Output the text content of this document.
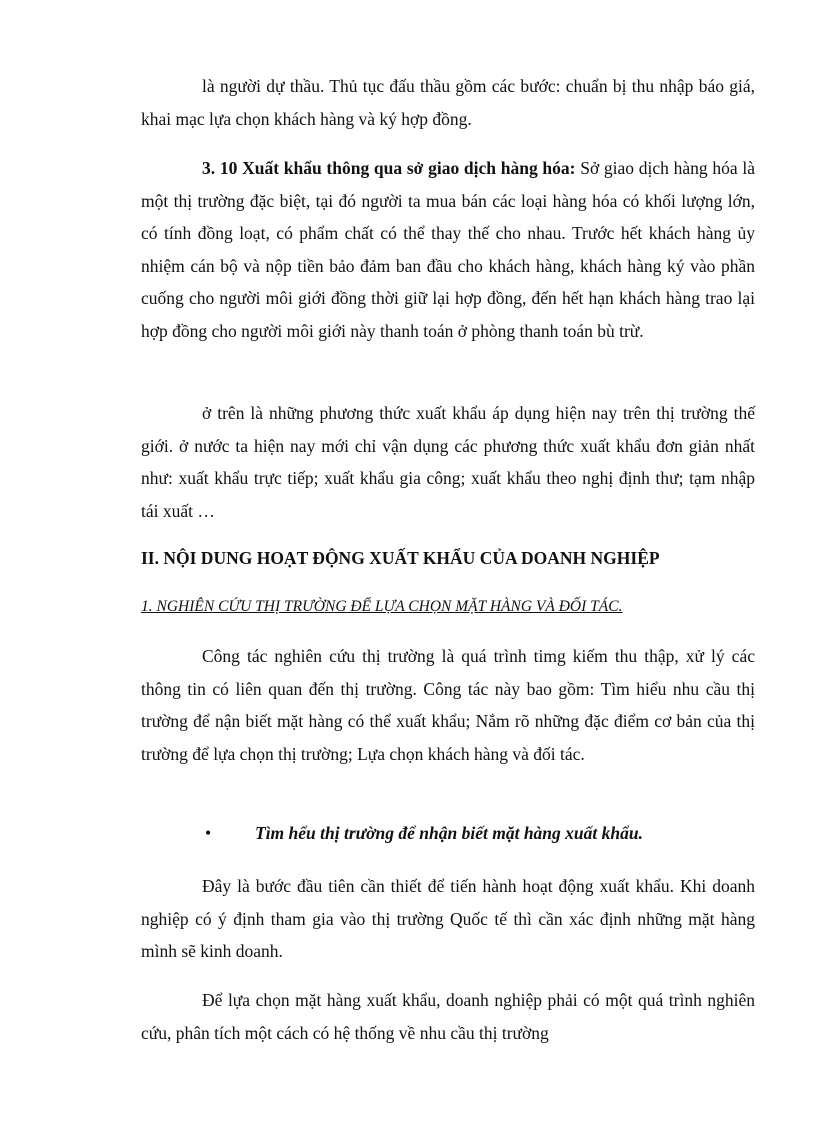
là người dự thầu. Thủ tục đấu thầu gồm các bước: chuẩn bị thu nhập báo giá, khai mạc lựa chọn khách hàng và ký hợp đồng.

3. 10 Xuất khẩu thông qua sở giao dịch hàng hóa: Sở giao dịch hàng hóa là một thị trường đặc biệt, tại đó người ta mua bán các loại hàng hóa có khối lượng lớn, có tính đồng loạt, có phẩm chất có thể thay thế cho nhau. Trước hết khách hàng ủy nhiệm cán bộ và nộp tiền bảo đảm ban đầu cho khách hàng, khách hàng ký vào phần cuống cho người môi giới đồng thời giữ lại hợp đồng, đến hết hạn khách hàng trao lại hợp đồng cho người môi giới này thanh toán ở phòng thanh toán bù trừ.

ở trên là những phương thức xuất khẩu áp dụng hiện nay trên thị trường thế giới. ở nước ta hiện nay mới chỉ vận dụng các phương thức xuất khẩu đơn giản nhất như: xuất khẩu trực tiếp; xuất khẩu gia công; xuất khẩu theo nghị định thư; tạm nhập tái xuất …

II. NỘI DUNG HOẠT ĐỘNG XUẤT KHẨU CỦA DOANH NGHIỆP

1. NGHIÊN CỨU THỊ TRƯỜNG ĐỂ LỰA CHỌN MẶT HÀNG VÀ ĐỐI TÁC.

Công tác nghiên cứu thị trường là quá trình timg kiếm thu thập, xử lý các thông tin có liên quan đến thị trường. Công tác này bao gồm: Tìm hiểu nhu cầu thị trường để nận biết mặt hàng có thể xuất khẩu; Nắm rõ những đặc điểm cơ bản của thị trường để lựa chọn thị trường; Lựa chọn khách hàng và đối tác.

•	Tìm hểu thị trường để nhận biết mặt hàng xuất khẩu.

Đây là bước đầu tiên cần thiết để tiến hành hoạt động xuất khẩu. Khi doanh nghiệp có ý định tham gia vào thị trường Quốc tế thì cần xác định những mặt hàng mình sẽ kinh doanh.

Để lựa chọn mặt hàng xuất khẩu, doanh nghiệp phải có một quá trình nghiên cứu, phân tích một cách có hệ thống về nhu cầu thị trường
